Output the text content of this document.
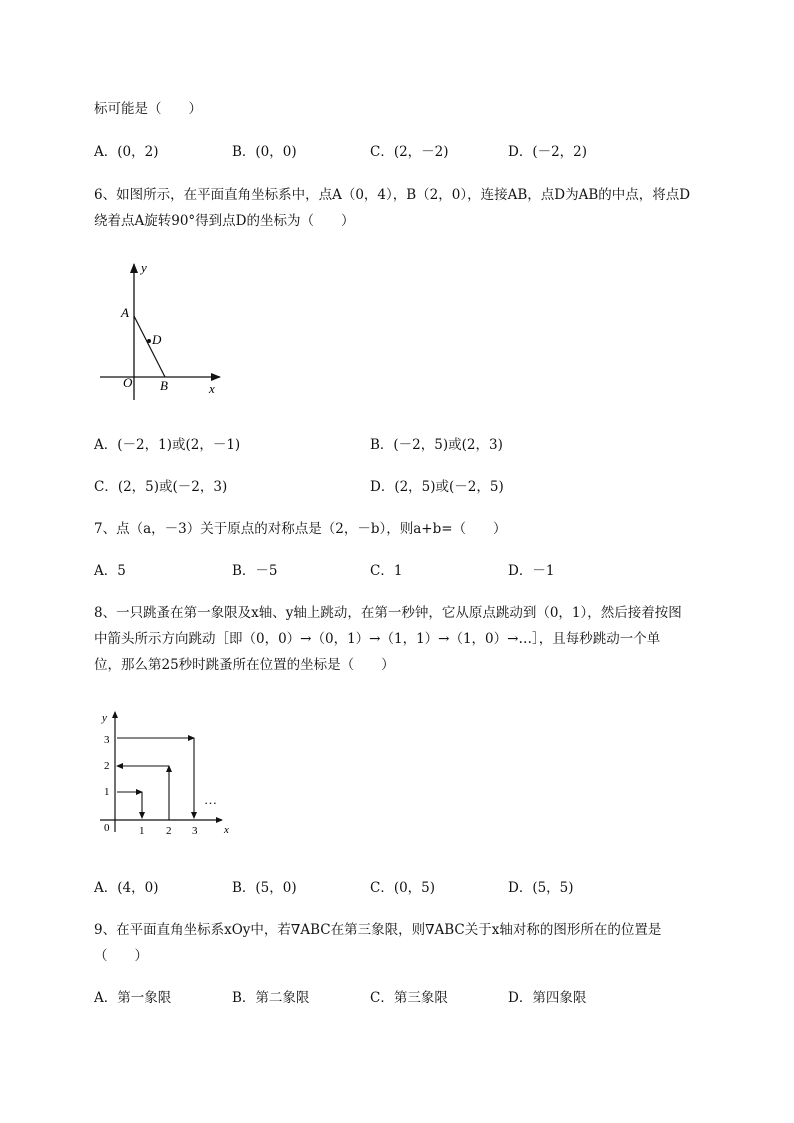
标可能是（　　）
A．(0，2)	B．(0，0)	C．(2，－2)	D．(－2，2)
6、如图所示，在平面直角坐标系中，点A（0，4），B（2，0），连接AB，点D为AB的中点，将点D
绕着点A旋转90°得到点D的坐标为（　　）
y
A
D
O B	x
A．(－2，1)或(2，－1)	B．(－2，5)或(2，3)
C．(2，5)或(－2，3)	D．(2，5)或(－2，5)
7、点（a，－3）关于原点的对称点是（2，－b），则a+b=（　　）
A．5	B．－5	C．1	D．－1
8、一只跳蚤在第一象限及x轴、y轴上跳动，在第一秒钟，它从原点跳动到（0，1），然后接着按图
中箭头所示方向跳动［即（0，0）→（0，1）→（1，1）→（1，0）→…］，且每秒跳动一个单
位，那么第25秒时跳蚤所在位置的坐标是（　　）
y
3
2
1
0	1 2 3 x
…
A．(4，0)	B．(5，0)	C．(0，5)	D．(5，5)
9、在平面直角坐标系xOy中，若∇ABC在第三象限，则∇ABC关于x轴对称的图形所在的位置是
（　　）
A．第一象限	B．第二象限	C．第三象限	D．第四象限
